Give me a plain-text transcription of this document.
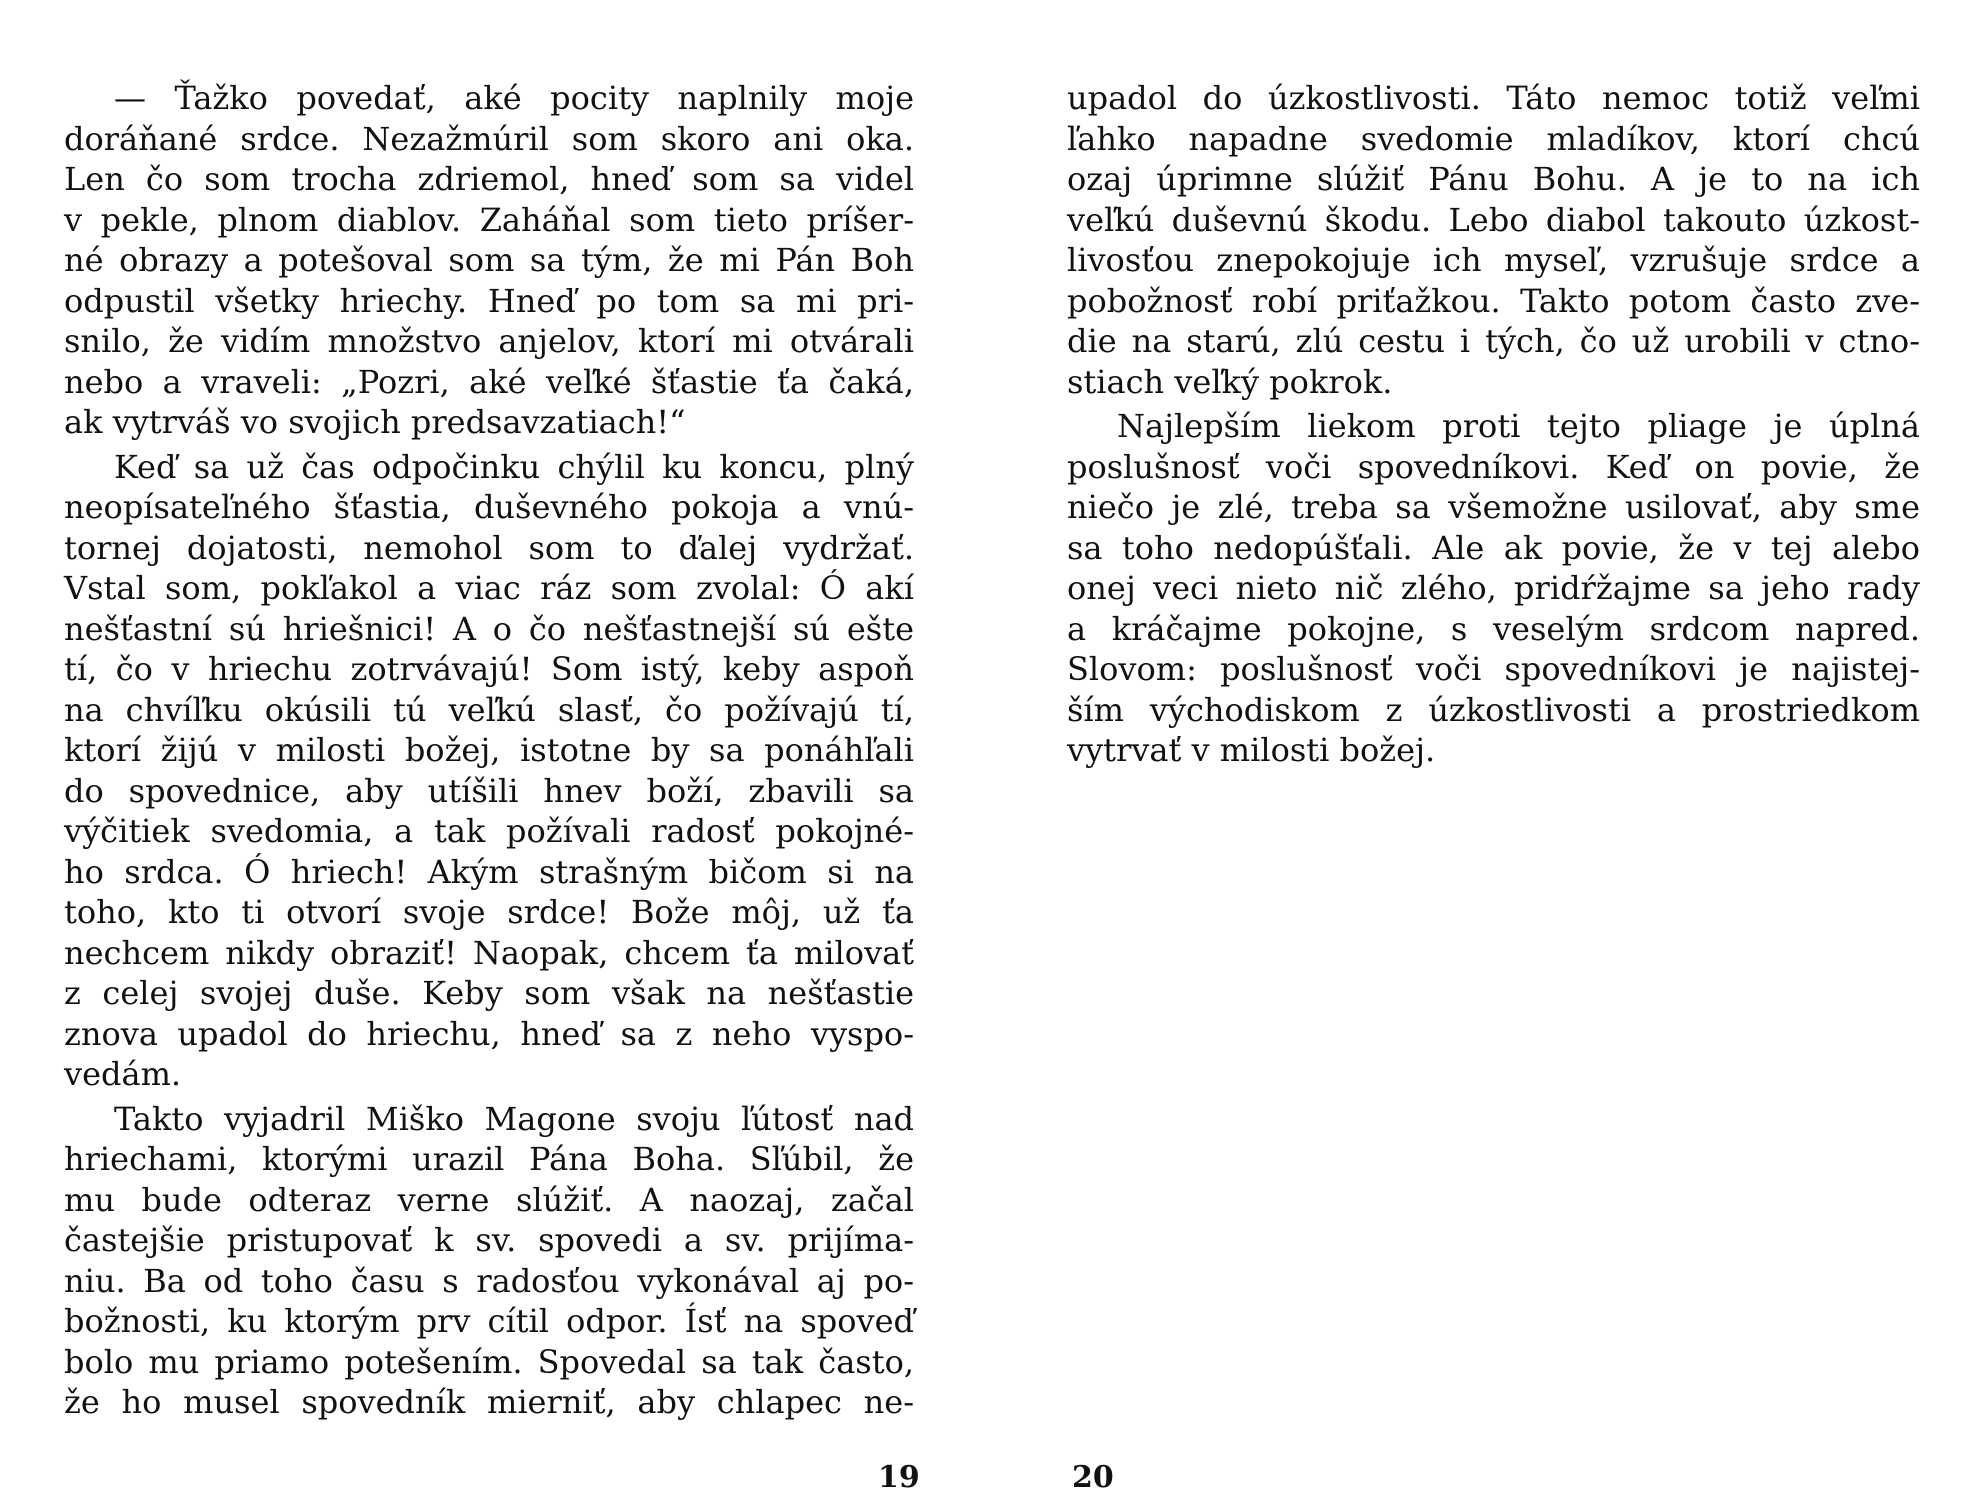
— Ťažko povedať, aké pocity naplnily moje
doráňané srdce. Nezažmúril som skoro ani oka.
Len čo som trocha zdriemol, hneď som sa videl
v pekle, plnom diablov. Zaháňal som tieto príšer-
né obrazy a potešoval som sa tým, že mi Pán Boh
odpustil všetky hriechy. Hneď po tom sa mi pri-
snilo, že vidím množstvo anjelov, ktorí mi otvárali
nebo a vraveli: „Pozri, aké veľké šťastie ťa čaká,
ak vytrváš vo svojich predsavzatiach!“
Keď sa už čas odpočinku chýlil ku koncu, plný
neopísateľného šťastia, duševného pokoja a vnú-
tornej dojatosti, nemohol som to ďalej vydržať.
Vstal som, pokľakol a viac ráz som zvolal: Ó akí
nešťastní sú hriešnici! A o čo nešťastnejší sú ešte
tí, čo v hriechu zotrvávajú! Som istý, keby aspoň
na chvíľku okúsili tú veľkú slasť, čo požívajú tí,
ktorí žijú v milosti božej, istotne by sa ponáhľali
do spovednice, aby utíšili hnev boží, zbavili sa
výčitiek svedomia, a tak požívali radosť pokojné-
ho srdca. Ó hriech! Akým strašným bičom si na
toho, kto ti otvorí svoje srdce! Bože môj, už ťa
nechcem nikdy obraziť! Naopak, chcem ťa milovať
z celej svojej duše. Keby som však na nešťastie
znova upadol do hriechu, hneď sa z neho vyspo-
vedám.
Takto vyjadril Miško Magone svoju ľútosť nad
hriechami, ktorými urazil Pána Boha. Sľúbil, že
mu bude odteraz verne slúžiť. A naozaj, začal
častejšie pristupovať k sv. spovedi a sv. prijíma-
niu. Ba od toho času s radosťou vykonával aj po-
božnosti, ku ktorým prv cítil odpor. Ísť na spoveď
bolo mu priamo potešením. Spovedal sa tak často,
že ho musel spovedník mierniť, aby chlapec ne-
upadol do úzkostlivosti. Táto nemoc totiž veľmi
ľahko napadne svedomie mladíkov, ktorí chcú
ozaj úprimne slúžiť Pánu Bohu. A je to na ich
veľkú duševnú škodu. Lebo diabol takouto úzkost-
livosťou znepokojuje ich myseľ, vzrušuje srdce a
pobožnosť robí priťažkou. Takto potom často zve-
die na starú, zlú cestu i tých, čo už urobili v ctno-
stiach veľký pokrok.
Najlepším liekom proti tejto pliage je úplná
poslušnosť voči spovedníkovi. Keď on povie, že
niečo je zlé, treba sa všemožne usilovať, aby sme
sa toho nedopúšťali. Ale ak povie, že v tej alebo
onej veci nieto nič zlého, pridŕžajme sa jeho rady
a kráčajme pokojne, s veselým srdcom napred.
Slovom: poslušnosť voči spovedníkovi je najistej-
ším východiskom z úzkostlivosti a prostriedkom
vytrvať v milosti božej.
19	20
